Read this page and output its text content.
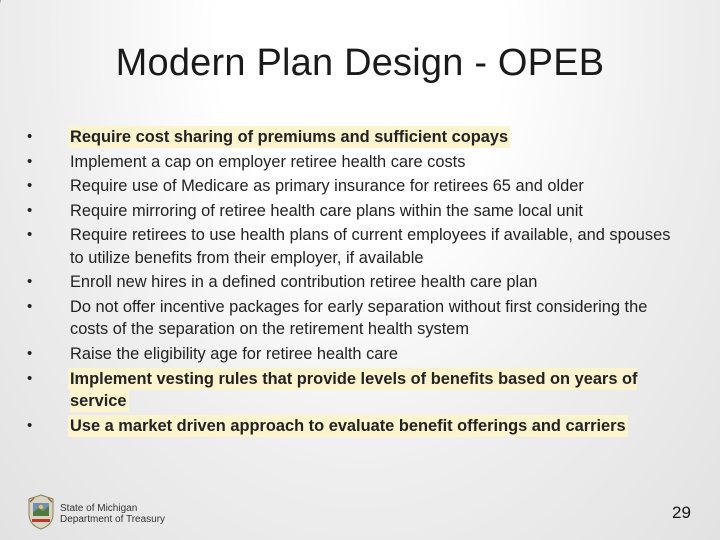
Modern Plan Design - OPEB
• Require cost sharing of premiums and sufficient copays
• Implement a cap on employer retiree health care costs
• Require use of Medicare as primary insurance for retirees 65 and older
• Require mirroring of retiree health care plans within the same local unit
• Require retirees to use health plans of current employees if available, and spouses to utilize benefits from their employer, if available
• Enroll new hires in a defined contribution retiree health care plan
• Do not offer incentive packages for early separation without first considering the costs of the separation on the retirement health system
• Raise the eligibility age for retiree health care
• Implement vesting rules that provide levels of benefits based on years of service
• Use a market driven approach to evaluate benefit offerings and carriers
State of Michigan
Department of Treasury	29
